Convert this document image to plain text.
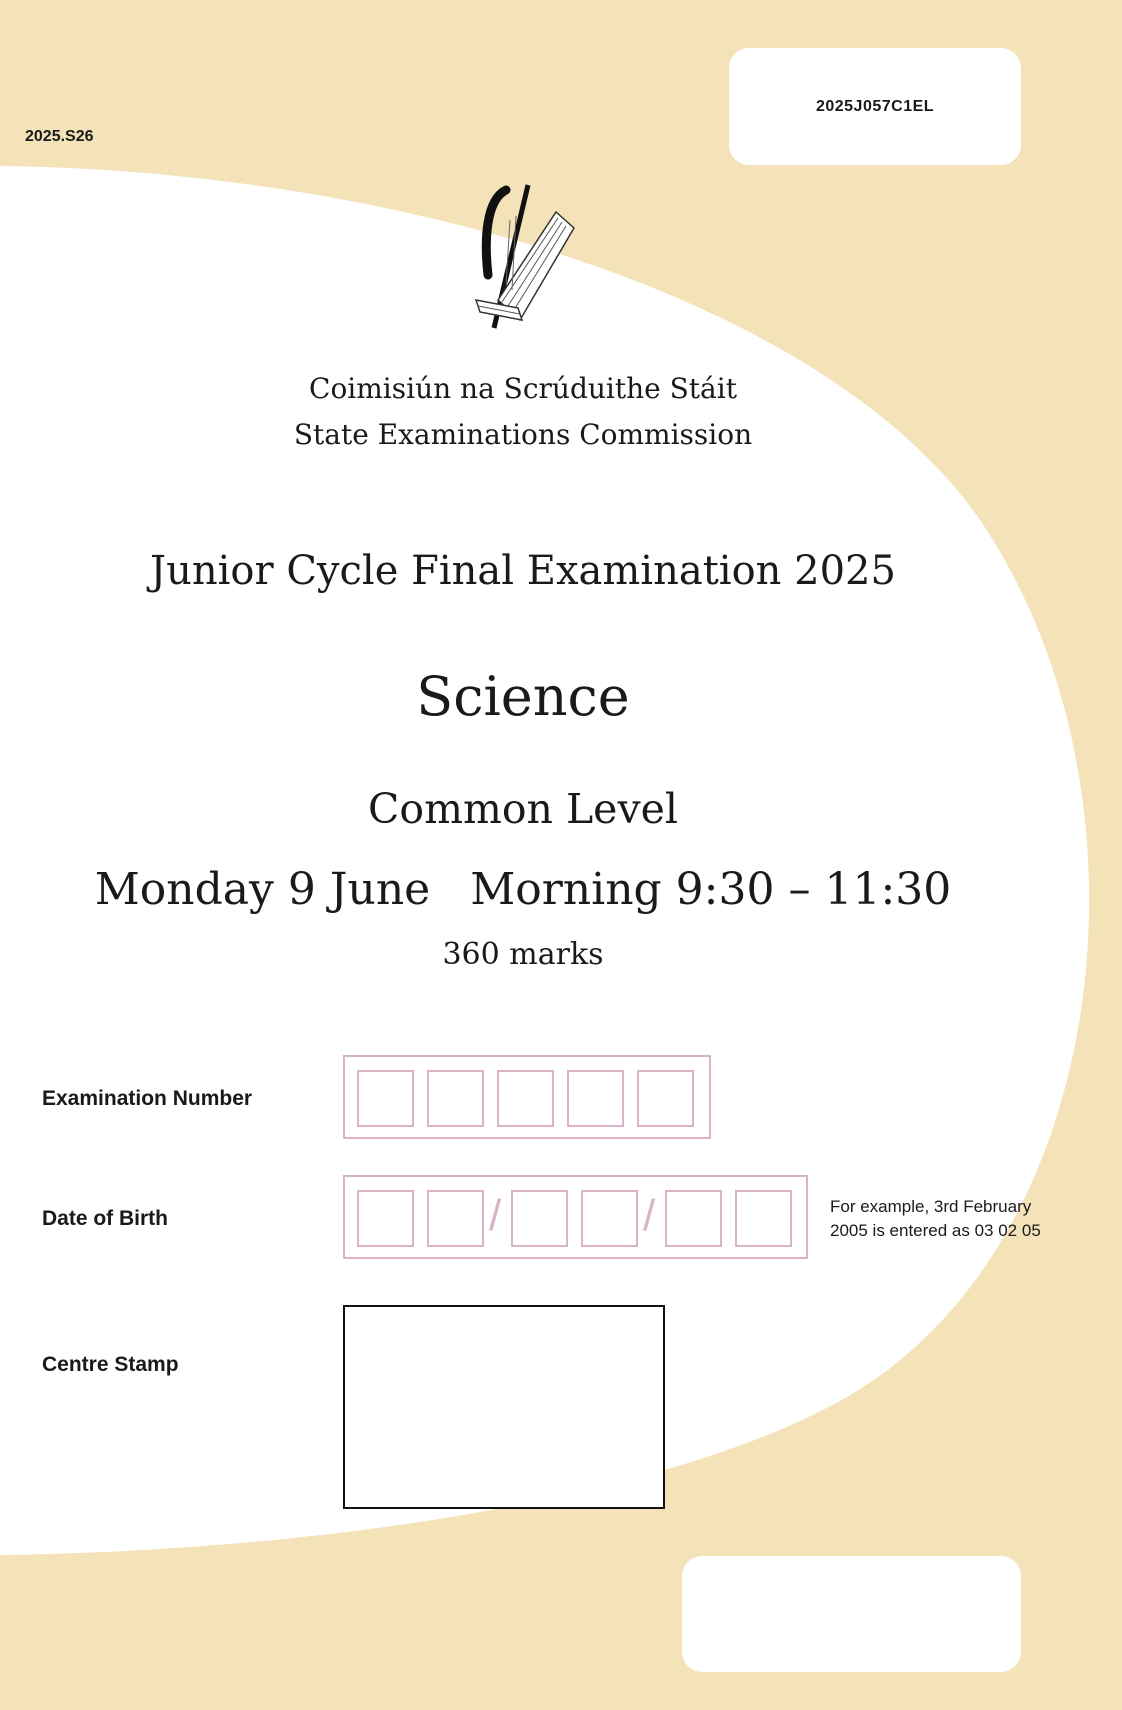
2025.S26
2025J057C1EL
Coimisiún na Scrúduithe Stáit
State Examinations Commission
Junior Cycle Final Examination 2025
Science
Common Level
Monday 9 June Morning 9:30 – 11:30
360 marks
Examination Number
Date of Birth	/	/	For example, 3rd February
2005 is entered as 03 02 05
Centre Stamp
